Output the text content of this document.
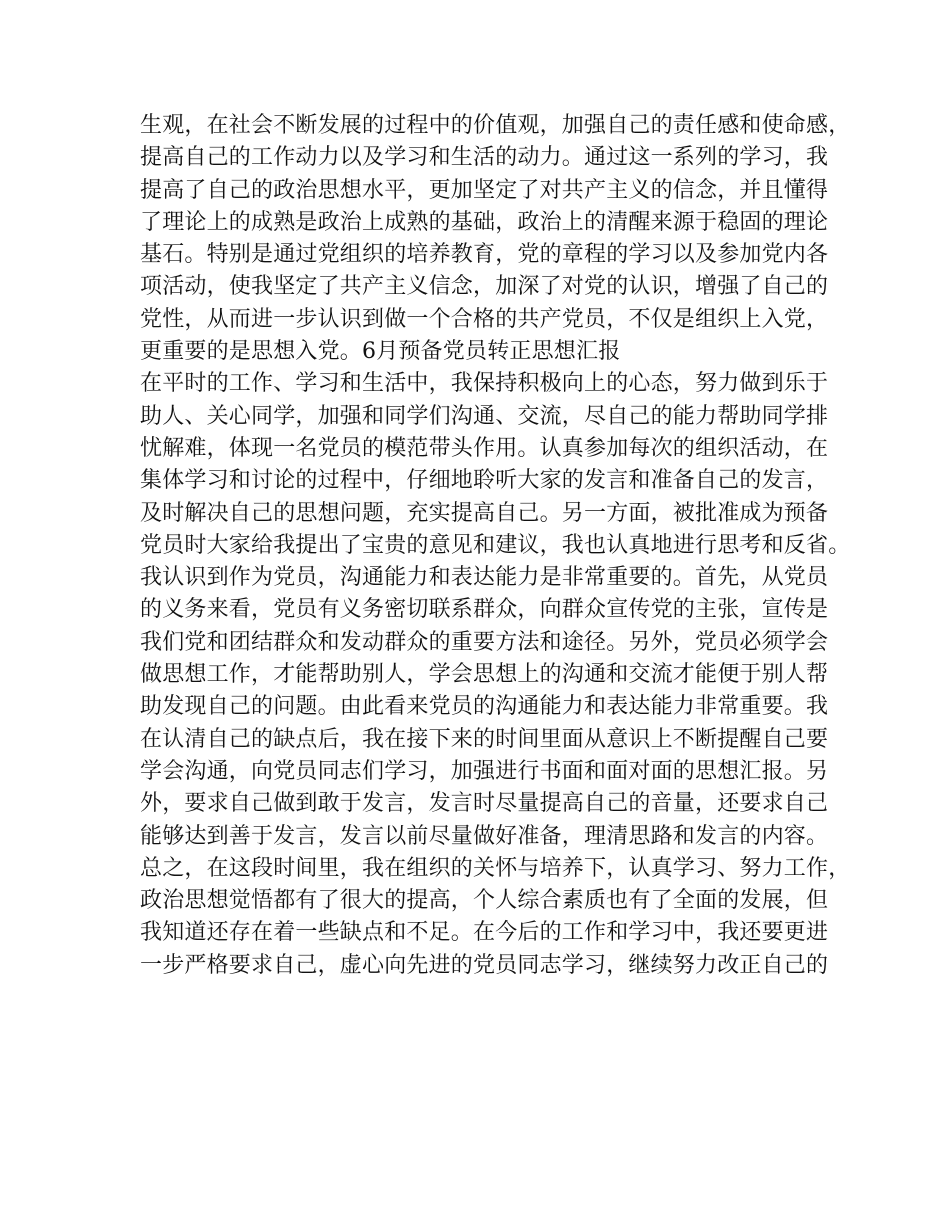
生观，在社会不断发展的过程中的价值观，加强自己的责任感和使命感，
提高自己的工作动力以及学习和生活的动力。通过这一系列的学习，我
提高了自己的政治思想水平，更加坚定了对共产主义的信念，并且懂得
了理论上的成熟是政治上成熟的基础，政治上的清醒来源于稳固的理论
基石。特别是通过党组织的培养教育，党的章程的学习以及参加党内各
项活动，使我坚定了共产主义信念，加深了对党的认识，增强了自己的
党性，从而进一步认识到做一个合格的共产党员，不仅是组织上入党，
更重要的是思想入党。6月预备党员转正思想汇报
在平时的工作、学习和生活中，我保持积极向上的心态，努力做到乐于
助人、关心同学，加强和同学们沟通、交流，尽自己的能力帮助同学排
忧解难，体现一名党员的模范带头作用。认真参加每次的组织活动，在
集体学习和讨论的过程中，仔细地聆听大家的发言和准备自己的发言，
及时解决自己的思想问题，充实提高自己。另一方面，被批准成为预备
党员时大家给我提出了宝贵的意见和建议，我也认真地进行思考和反省。
我认识到作为党员，沟通能力和表达能力是非常重要的。首先，从党员
的义务来看，党员有义务密切联系群众，向群众宣传党的主张，宣传是
我们党和团结群众和发动群众的重要方法和途径。另外，党员必须学会
做思想工作，才能帮助别人，学会思想上的沟通和交流才能便于别人帮
助发现自己的问题。由此看来党员的沟通能力和表达能力非常重要。我
在认清自己的缺点后，我在接下来的时间里面从意识上不断提醒自己要
学会沟通，向党员同志们学习，加强进行书面和面对面的思想汇报。另
外，要求自己做到敢于发言，发言时尽量提高自己的音量，还要求自己
能够达到善于发言，发言以前尽量做好准备，理清思路和发言的内容。
总之，在这段时间里，我在组织的关怀与培养下，认真学习、努力工作，
政治思想觉悟都有了很大的提高，个人综合素质也有了全面的发展，但
我知道还存在着一些缺点和不足。在今后的工作和学习中，我还要更进
一步严格要求自己，虚心向先进的党员同志学习，继续努力改正自己的
